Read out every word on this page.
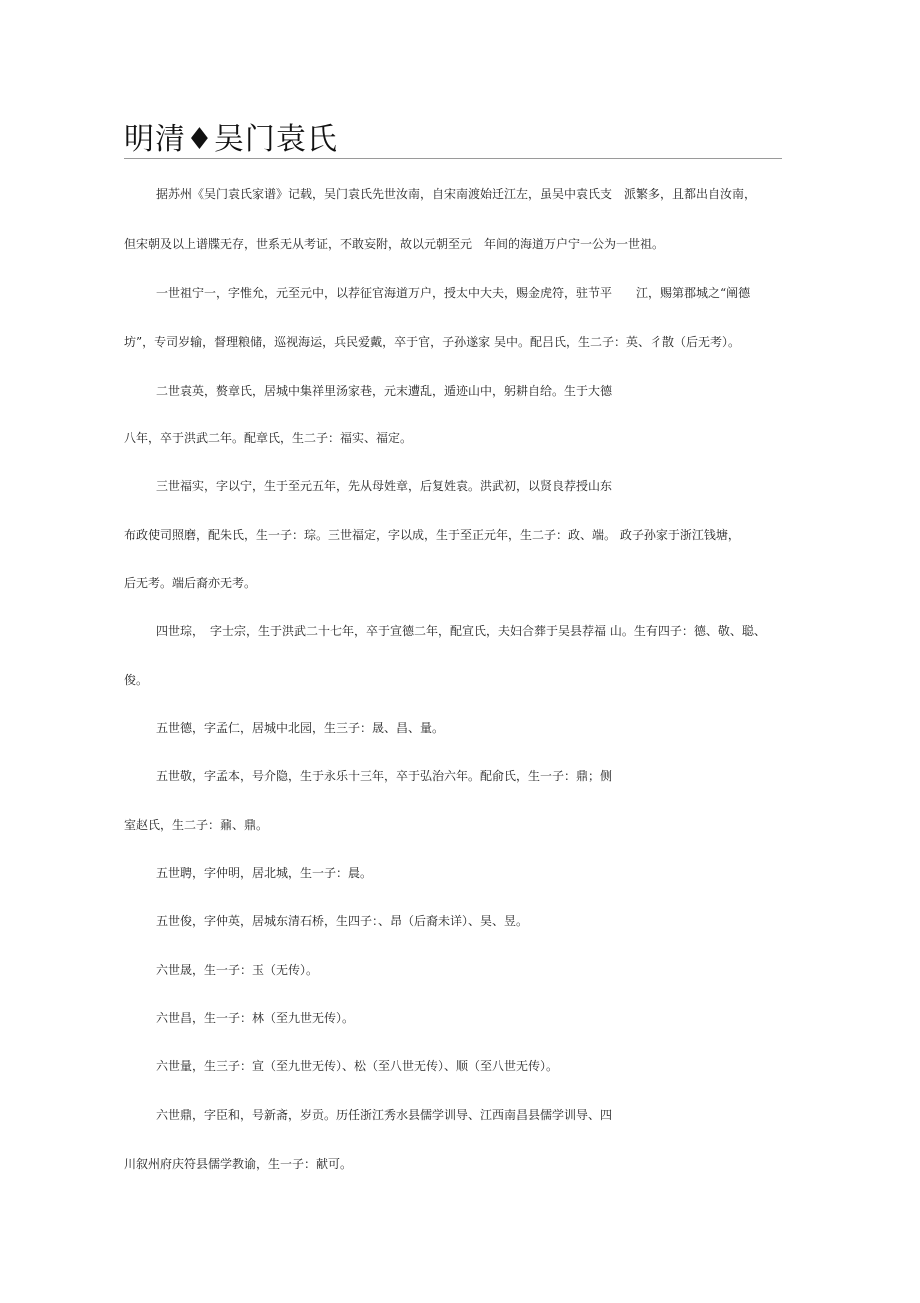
明清♦吴门袁氏
据苏州《吴门袁氏家谱》记载，吴门袁氏先世汝南，自宋南渡始迁江左，虽吴中袁氏支　派繁多，且都出自汝南，
但宋朝及以上谱牒无存，世系无从考证，不敢妄附，故以元朝至元　年间的海道万户宁一公为一世祖。
一世祖宁一，字惟允，元至元中，以荐征官海道万户，授太中大夫，赐金虎符，驻节平　　江，赐第郡城之“阐德
坊”，专司岁输，督理粮储，巡视海运，兵民爱戴，卒于官，子孙遂家 吴中。配吕氏，生二子：英、彳散（后无考）。
二世袁英，赘章氏，居城中集祥里汤家巷，元末遭乱，遁迹山中，躬耕自给。生于大德
八年，卒于洪武二年。配章氏，生二子：福实、福定。
三世福实，字以宁，生于至元五年，先从母姓章，后复姓袁。洪武初，以贤良荐授山东
布政使司照磨，配朱氏，生一子：琮。三世福定，字以成，生于至正元年，生二子：政、端。 政子孙家于浙江钱塘，
后无考。端后裔亦无考。
四世琮，　字士宗，生于洪武二十七年，卒于宣德二年，配宣氏，夫妇合葬于吴县荐福 山。生有四子：德、敬、聪、
俊。
五世德，字孟仁，居城中北园，生三子：晟、昌、量。
五世敬，字孟本，号介隐，生于永乐十三年，卒于弘治六年。配俞氏，生一子：鼎；侧
室赵氏，生二子：鼐、鼎。
五世聘，字仲明，居北城，生一子：晨。
五世俊，字仲英，居城东清石桥，生四子：、昂（后裔未详）、昊、昱。
六世晟，生一子：玉（无传）。
六世昌，生一子：林（至九世无传）。
六世量，生三子：宣（至九世无传）、松（至八世无传）、顺（至八世无传）。
六世鼎，字臣和，号新斋，岁贡。历任浙江秀水县儒学训导、江西南昌县儒学训导、四
川叙州府庆符县儒学教谕，生一子：献可。
